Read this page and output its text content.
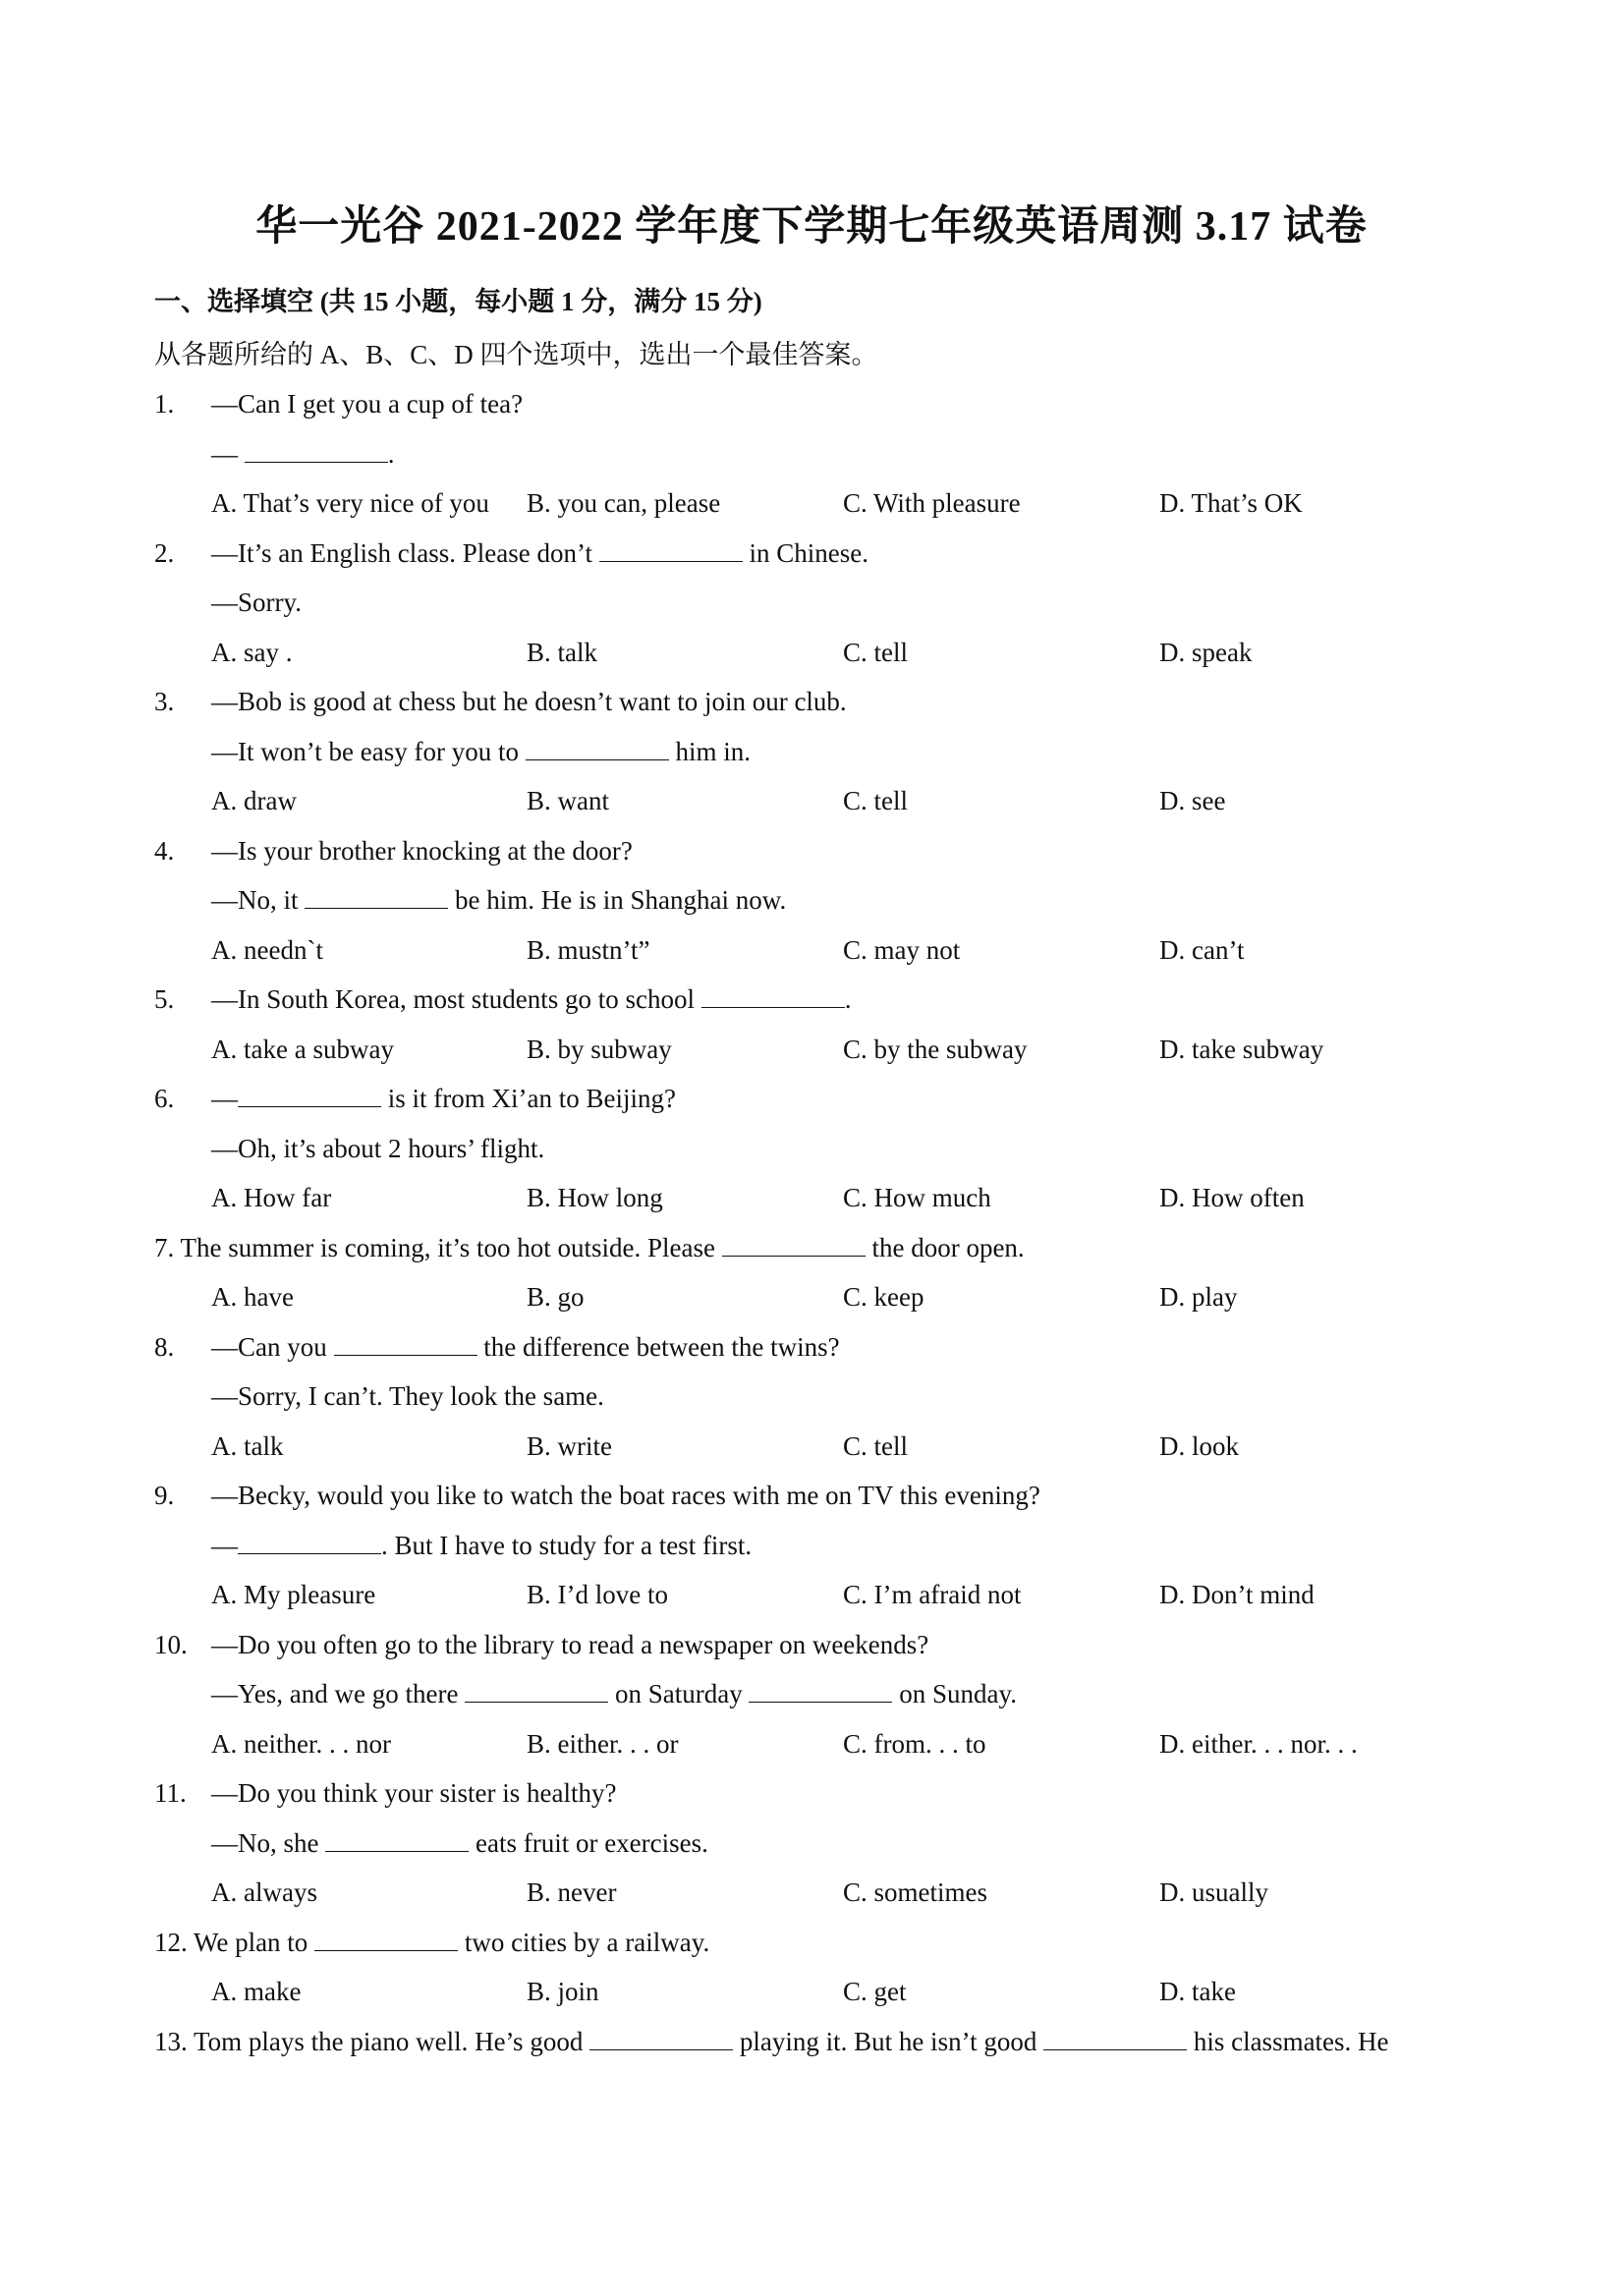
华一光谷 2021-2022 学年度下学期七年级英语周测 3.17 试卷
一、选择填空 (共 15 小题，每小题 1 分，满分 15 分)
从各题所给的 A、B、C、D 四个选项中，选出一个最佳答案。
1. —Can I get you a cup of tea?
—	.
A. That’s very nice of you B. you can, please	C. With pleasure	D. That’s OK
2. —It’s an English class. Please don’t	in Chinese.
—Sorry.
A. say .	B. talk	C. tell	D. speak
3. —Bob is good at chess but he doesn’t want to join our club.
—It won’t be easy for you to	him in.
A. draw	B. want	C. tell	D. see
4. —Is your brother knocking at the door?
—No, it	be him. He is in Shanghai now.
A. needn`t	B. mustn’t”	C. may not	D. can’t
5. —In South Korea, most students go to school	.
A. take a subway	B. by subway	C. by the subway	D. take subway
6. —	is it from Xi’an to Beijing?
—Oh, it’s about 2 hours’ flight.
A. How far	B. How long	C. How much	D. How often
7. The summer is coming, it’s too hot outside. Please	the door open.
A. have	B. go	C. keep	D. play
8. —Can you	the difference between the twins?
—Sorry, I can’t. They look the same.
A. talk	B. write	C. tell	D. look
9. —Becky, would you like to watch the boat races with me on TV this evening?
—	. But I have to study for a test first.
A. My pleasure	B. I’d love to	C. I’m afraid not	D. Don’t mind
10. —Do you often go to the library to read a newspaper on weekends?
—Yes, and we go there	on Saturday	on Sunday.
A. neither. . . nor	B. either. . . or	C. from. . . to	D. either. . . nor. . .
11. —Do you think your sister is healthy?
—No, she	eats fruit or exercises.
A. always	B. never	C. sometimes	D. usually
12. We plan to	two cities by a railway.
A. make	B. join	C. get	D. take
13. Tom plays the piano well. He’s good	playing it. But he isn’t good	his classmates. He
